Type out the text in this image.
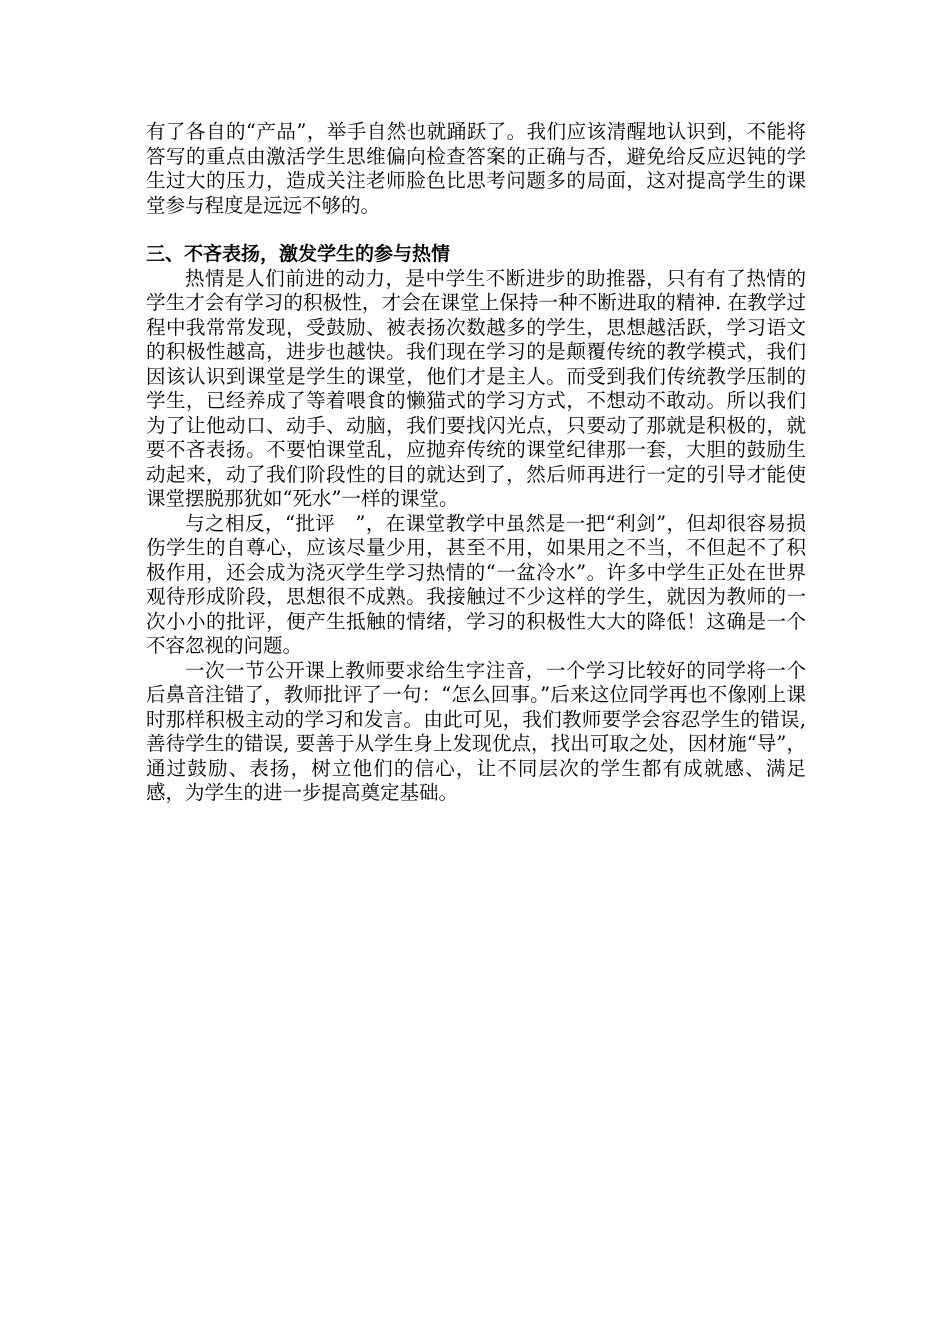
有了各自的“产品”，举手自然也就踊跃了。我们应该清醒地认识到，不能将答写的重点由激活学生思维偏向检查答案的正确与否，避免给反应迟钝的学生过大的压力，造成关注老师脸色比思考问题多的局面，这对提高学生的课堂参与程度是远远不够的。

三、不吝表扬，激发学生的参与热情

热情是人们前进的动力，是中学生不断进步的助推器，只有有了热情的学生才会有学习的积极性，才会在课堂上保持一种不断进取的精神. 在教学过程中我常常发现，受鼓励、被表扬次数越多的学生，思想越活跃，学习语文的积极性越高，进步也越快。我们现在学习的是颠覆传统的教学模式，我们因该认识到课堂是学生的课堂，他们才是主人。而受到我们传统教学压制的学生，已经养成了等着喂食的懒猫式的学习方式，不想动不敢动。所以我们为了让他动口、动手、动脑，我们要找闪光点，只要动了那就是积极的，就要不吝表扬。不要怕课堂乱，应抛弃传统的课堂纪律那一套，大胆的鼓励生动起来，动了我们阶段性的目的就达到了，然后师再进行一定的引导才能使课堂摆脱那犹如“死水”一样的课堂。

与之相反，“批评　”，在课堂教学中虽然是一把“利剑”，但却很容易损伤学生的自尊心，应该尽量少用，甚至不用，如果用之不当，不但起不了积极作用，还会成为浇灭学生学习热情的“一盆冷水”。许多中学生正处在世界观待形成阶段，思想很不成熟。我接触过不少这样的学生，就因为教师的一次小小的批评，便产生抵触的情绪，学习的积极性大大的降低！这确是一个不容忽视的问题。

一次一节公开课上教师要求给生字注音，一个学习比较好的同学将一个后鼻音注错了，教师批评了一句：“怎么回事。”后来这位同学再也不像刚上课时那样积极主动的学习和发言。由此可见，我们教师要学会容忍学生的错误, 善待学生的错误, 要善于从学生身上发现优点，找出可取之处，因材施“导”，通过鼓励、表扬，树立他们的信心，让不同层次的学生都有成就感、满足感，为学生的进一步提高奠定基础。
